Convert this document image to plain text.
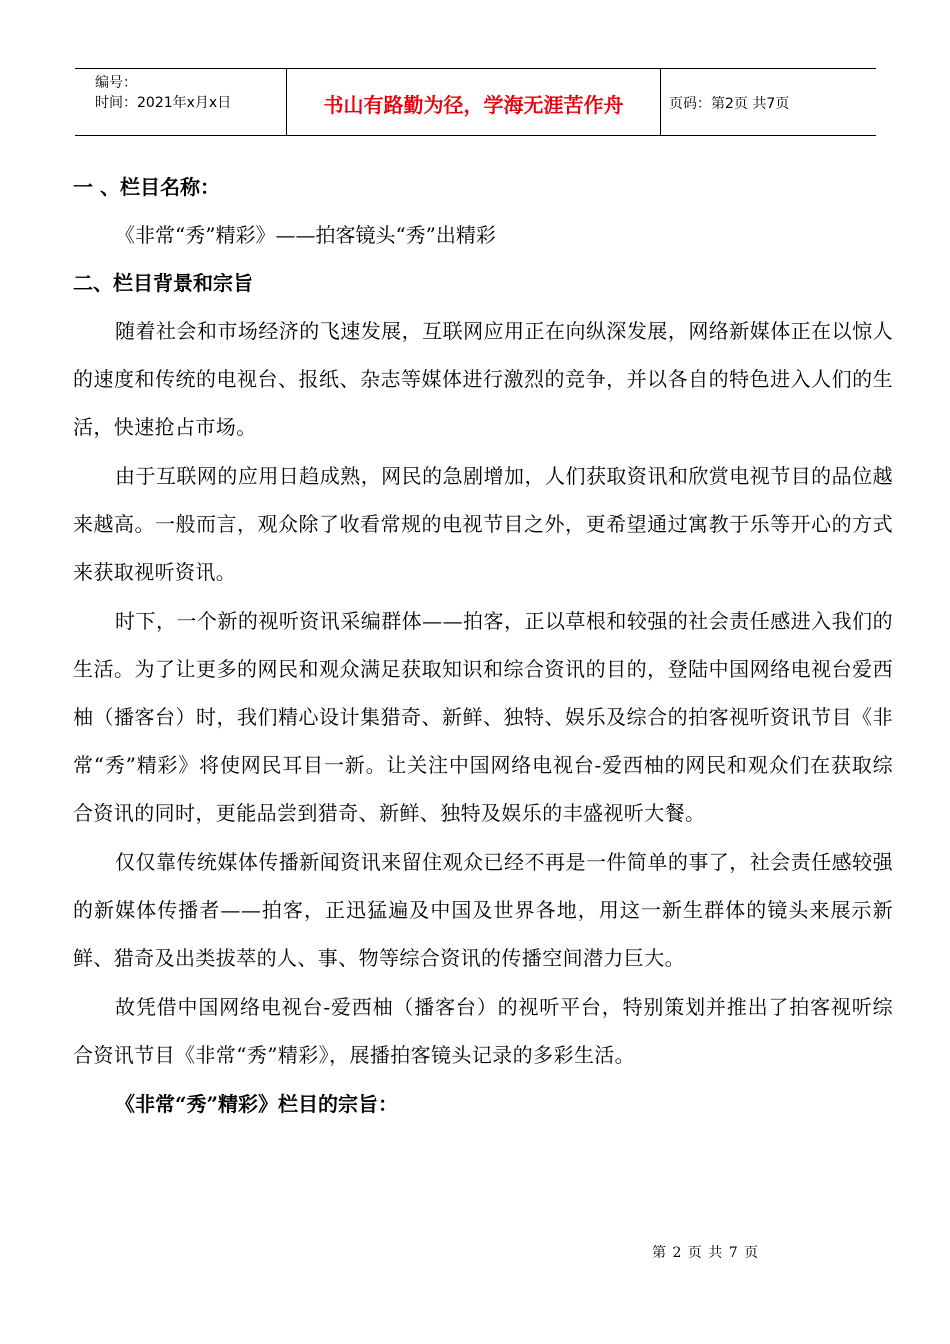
编号：
时间：2021年x月x日	书山有路勤为径，学海无涯苦作舟	页码：第2页 共7页

一 、栏目名称：

《非常“秀”精彩》——拍客镜头“秀”出精彩

二、栏目背景和宗旨

随着社会和市场经济的飞速发展，互联网应用正在向纵深发展，网络新媒体正在以惊人的速度和传统的电视台、报纸、杂志等媒体进行激烈的竞争，并以各自的特色进入人们的生活，快速抢占市场。

由于互联网的应用日趋成熟，网民的急剧增加，人们获取资讯和欣赏电视节目的品位越来越高。一般而言，观众除了收看常规的电视节目之外，更希望通过寓教于乐等开心的方式来获取视听资讯。

时下，一个新的视听资讯采编群体——拍客，正以草根和较强的社会责任感进入我们的生活。为了让更多的网民和观众满足获取知识和综合资讯的目的，登陆中国网络电视台爱西柚（播客台）时，我们精心设计集猎奇、新鲜、独特、娱乐及综合的拍客视听资讯节目《非常“秀”精彩》将使网民耳目一新。让关注中国网络电视台-爱西柚的网民和观众们在获取综合资讯的同时，更能品尝到猎奇、新鲜、独特及娱乐的丰盛视听大餐。

仅仅靠传统媒体传播新闻资讯来留住观众已经不再是一件简单的事了，社会责任感较强的新媒体传播者——拍客，正迅猛遍及中国及世界各地，用这一新生群体的镜头来展示新鲜、猎奇及出类拔萃的人、事、物等综合资讯的传播空间潜力巨大。

故凭借中国网络电视台-爱西柚（播客台）的视听平台，特别策划并推出了拍客视听综合资讯节目《非常“秀”精彩》，展播拍客镜头记录的多彩生活。

《非常“秀”精彩》栏目的宗旨：

第 2 页 共 7 页
